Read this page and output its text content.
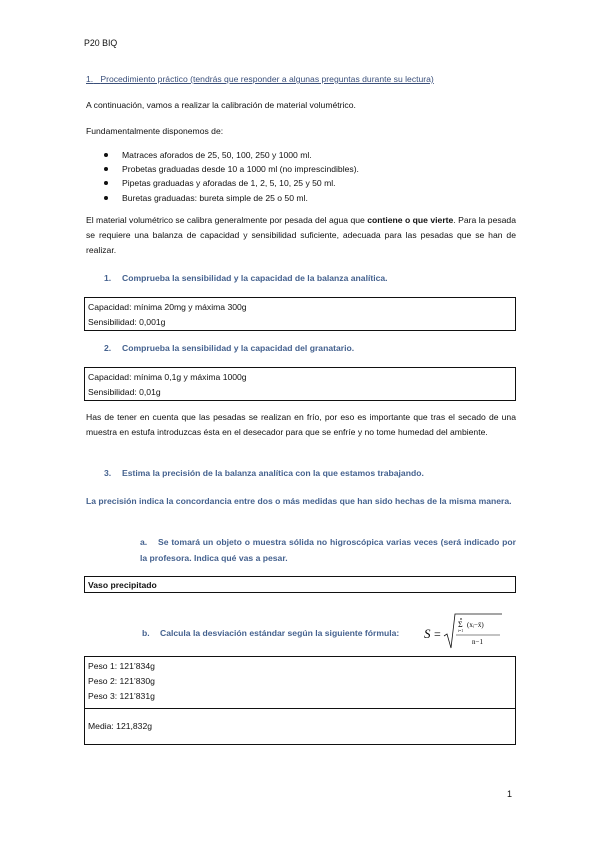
P20 BIQ
1. Procedimiento práctico (tendrás que responder a algunas preguntas durante su lectura)
A continuación, vamos a realizar la calibración de material volumétrico.
Fundamentalmente disponemos de:
Matraces aforados de 25, 50, 100, 250 y 1000 ml.
Probetas graduadas desde 10 a 1000 ml (no imprescindibles).
Pipetas graduadas y aforadas de 1, 2, 5, 10, 25 y 50 ml.
Buretas graduadas: bureta simple de 25 o 50 ml.
El material volumétrico se calibra generalmente por pesada del agua que contiene o que vierte. Para la pesada se requiere una balanza de capacidad y sensibilidad suficiente, adecuada para las pesadas que se han de realizar.
1. Comprueba la sensibilidad y la capacidad de la balanza analítica.
Capacidad: mínima 20mg y máxima 300g
Sensibilidad: 0,001g
2. Comprueba la sensibilidad y la capacidad del granatario.
Capacidad: mínima 0,1g y máxima 1000g
Sensibilidad: 0,01g
Has de tener en cuenta que las pesadas se realizan en frío, por eso es importante que tras el secado de una muestra en estufa introduzcas ésta en el desecador para que se enfríe y no tome humedad del ambiente.
3. Estima la precisión de la balanza analítica con la que estamos trabajando.
La precisión indica la concordancia entre dos o más medidas que han sido hechas de la misma manera.
a. Se tomará un objeto o muestra sólida no higroscópica varias veces (será indicado por la profesora. Indica qué vas a pesar.
Vaso precipitado
b. Calcula la desviación estándar según la siguiente fórmula: S =
n
Σ
i=1
(xᵢ−x̄)
n−1
Peso 1: 121’834g
Peso 2: 121’830g
Peso 3: 121’831g
Media: 121,832g
1
